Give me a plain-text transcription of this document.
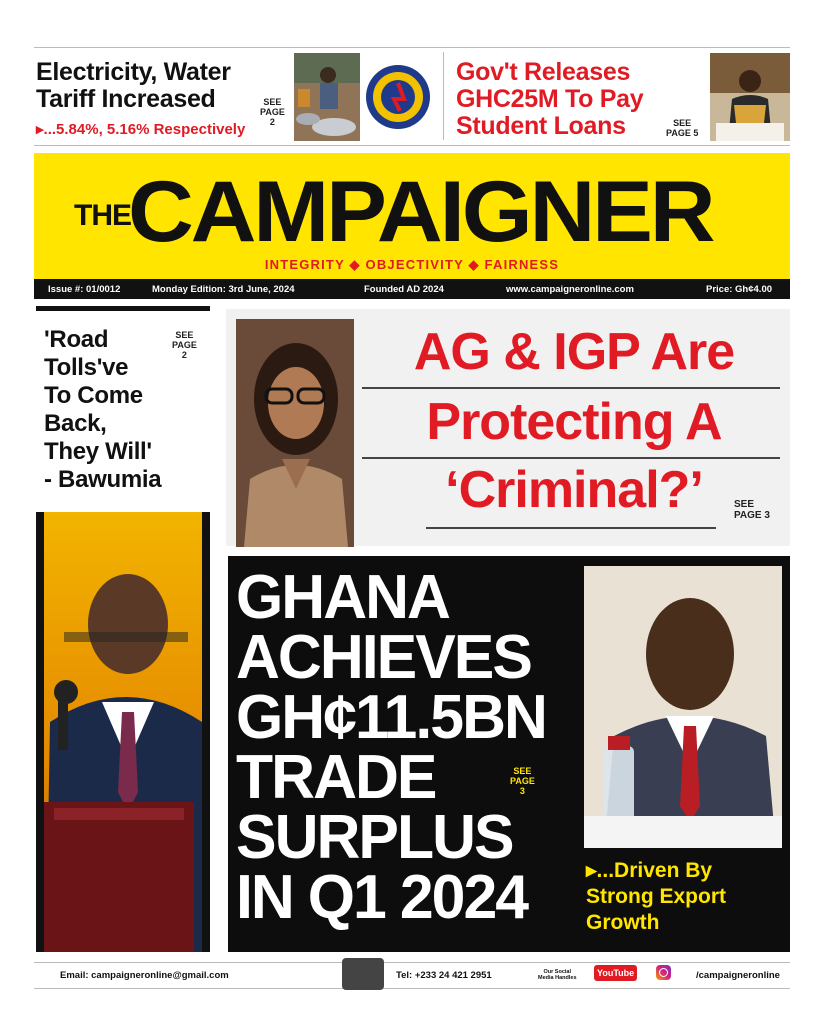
Electricity, Water
Tariff Increased	SEE
PAGE
2
▸...5.84%, 5.16% Respectively
Gov't Releases
GHC25M To Pay
Student Loans	SEE
PAGE 5
THE
CAMPAIGNER
INTEGRITY ◆ OBJECTIVITY ◆ FAIRNESS
Issue #: 01/0012	Monday Edition: 3rd June, 2024	Founded AD 2024	www.campaigneronline.com	Price: Gh¢4.00
'Road
Tolls've
To Come
Back,
They Will'
- Bawumia
SEE
PAGE
2	AG & IGP Are
Protecting A
‘Criminal?’	SEE
PAGE 3
GHANA
ACHIEVES
GH¢11.5BN
TRADE
SURPLUS
IN Q1 2024
SEE
PAGE
3
▸...Driven By
Strong Export
Growth
Email: campaigneronline@gmail.com	Tel: +233 24 421 2951	Our Social
Media Handles	YouTube	/campaigneronline
